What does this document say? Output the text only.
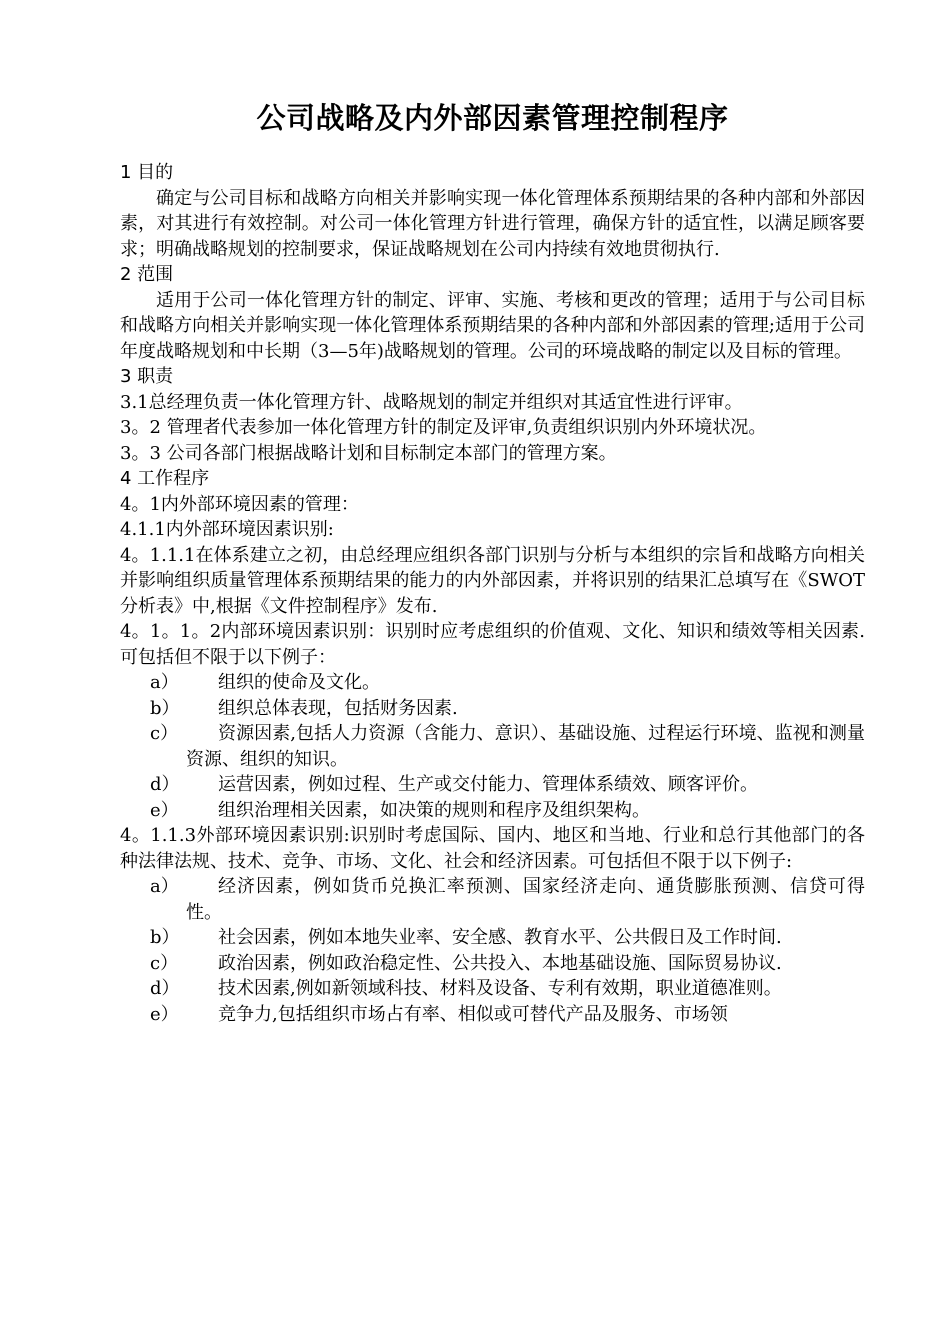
公司战略及内外部因素管理控制程序

1 目的

确定与公司目标和战略方向相关并影响实现一体化管理体系预期结果的各种内部和外部因素，对其进行有效控制。对公司一体化管理方针进行管理，确保方针的适宜性，以满足顾客要求；明确战略规划的控制要求，保证战略规划在公司内持续有效地贯彻执行.

2 范围

适用于公司一体化管理方针的制定、评审、实施、考核和更改的管理；适用于与公司目标和战略方向相关并影响实现一体化管理体系预期结果的各种内部和外部因素的管理;适用于公司年度战略规划和中长期（3—5年)战略规划的管理。公司的环境战略的制定以及目标的管理。

3 职责

3.1总经理负责一体化管理方针、战略规划的制定并组织对其适宜性进行评审。

3。2 管理者代表参加一体化管理方针的制定及评审,负责组织识别内外环境状况。

3。3 公司各部门根据战略计划和目标制定本部门的管理方案。

4 工作程序

4。1内外部环境因素的管理：

4.1.1内外部环境因素识别:

4。1.1.1在体系建立之初，由总经理应组织各部门识别与分析与本组织的宗旨和战略方向相关并影响组织质量管理体系预期结果的能力的内外部因素，并将识别的结果汇总填写在《SWOT分析表》中,根据《文件控制程序》发布.

4。1。1。2内部环境因素识别：识别时应考虑组织的价值观、文化、知识和绩效等相关因素.可包括但不限于以下例子：

a）	组织的使命及文化。
b）	组织总体表现，包括财务因素.
c）	资源因素,包括人力资源（含能力、意识）、基础设施、过程运行环境、监视和测量资源、组织的知识。
d）	运营因素，例如过程、生产或交付能力、管理体系绩效、顾客评价。
e）	组织治理相关因素，如决策的规则和程序及组织架构。

4。1.1.3外部环境因素识别:识别时考虑国际、国内、地区和当地、行业和总行其他部门的各种法律法规、技术、竞争、市场、文化、社会和经济因素。可包括但不限于以下例子:

a）	经济因素，例如货币兑换汇率预测、国家经济走向、通货膨胀预测、信贷可得性。
b）	社会因素，例如本地失业率、安全感、教育水平、公共假日及工作时间.
c）	政治因素，例如政治稳定性、公共投入、本地基础设施、国际贸易协议.
d）	技术因素,例如新领域科技、材料及设备、专利有效期，职业道德准则。
e）	竞争力,包括组织市场占有率、相似或可替代产品及服务、市场领
